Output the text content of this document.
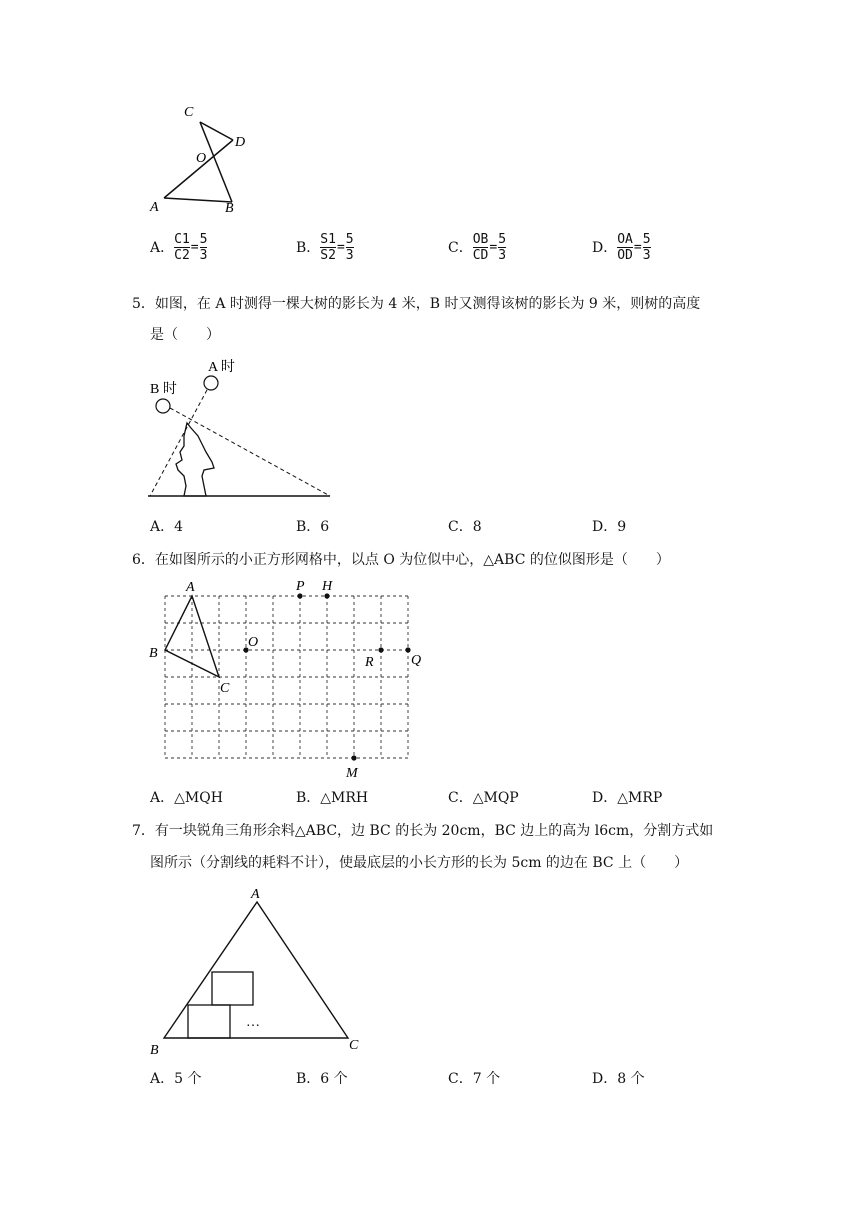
C
O
D
A	B
A． $\frac{C1}{C2} = \frac{5}{3}$	B． $\frac{S1}{S2} = \frac{5}{3}$	C． $\frac{OB}{CD} = \frac{5}{3}$	D． $\frac{OA}{OD} = \frac{5}{3}$
5．如图，在 A 时测得一棵大树的影长为 4 米，B 时又测得该树的影长为 9 米，则树的高度
是（　　）
A 时
B 时
A．4	B．6	C．8	D．9
6．在如图所示的小正方形网格中，以点 O 为位似中心，△ABC 的位似图形是（　　）
A
B
C
O
P H
R	Q
M
A．△MQH	B．△MRH	C．△MQP	D．△MRP
7．有一块锐角三角形余料△ABC，边 BC 的长为 20cm，BC 边上的高为 l6cm，分割方式如
图所示（分割线的耗料不计），使最底层的小长方形的长为 5cm 的边在 BC 上（　　）
…
A
B	C
A．5 个	B．6 个	C．7 个	D．8 个
